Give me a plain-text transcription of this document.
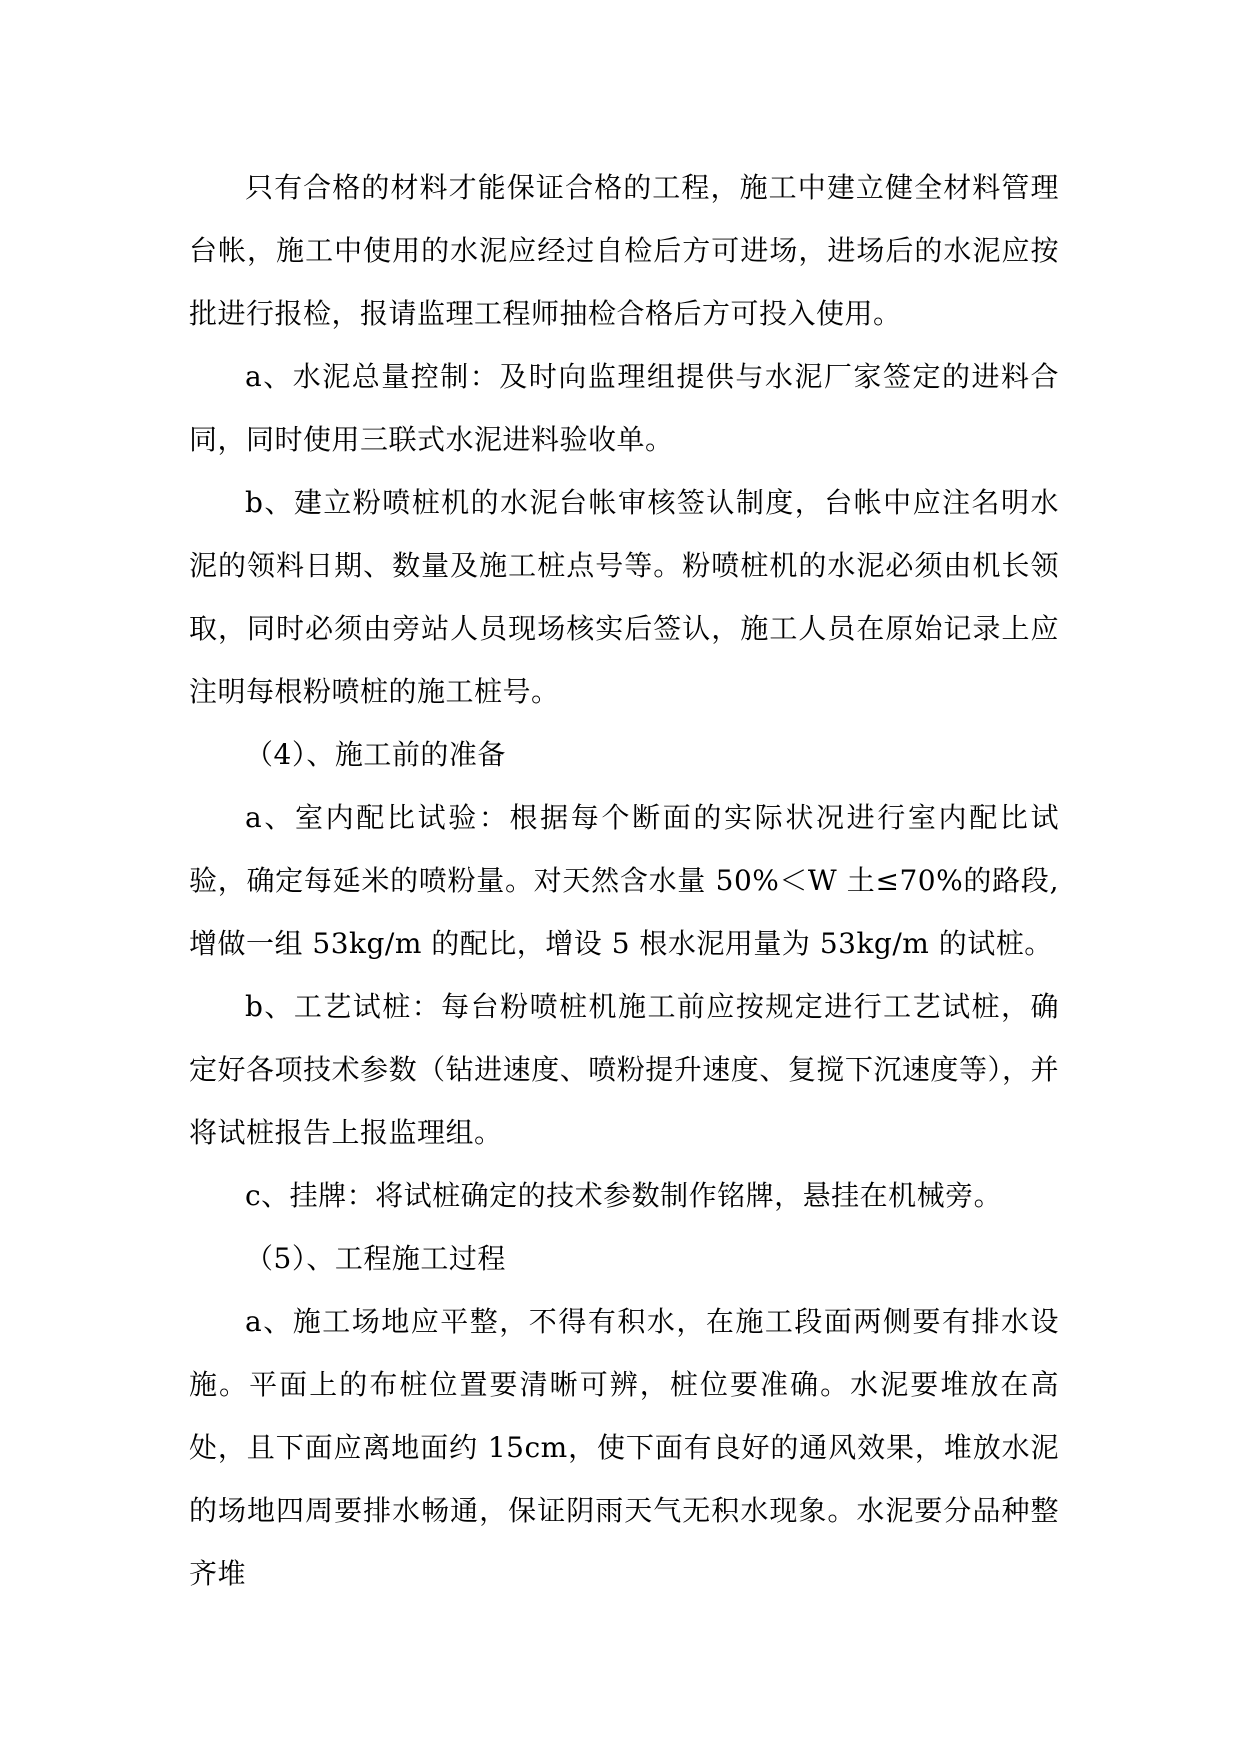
只有合格的材料才能保证合格的工程，施工中建立健全材料管理台帐，施工中使用的水泥应经过自检后方可进场，进场后的水泥应按批进行报检，报请监理工程师抽检合格后方可投入使用。

a、水泥总量控制：及时向监理组提供与水泥厂家签定的进料合同，同时使用三联式水泥进料验收单。

b、建立粉喷桩机的水泥台帐审核签认制度，台帐中应注名明水泥的领料日期、数量及施工桩点号等。粉喷桩机的水泥必须由机长领取，同时必须由旁站人员现场核实后签认，施工人员在原始记录上应注明每根粉喷桩的施工桩号。

（4）、施工前的准备

a、室内配比试验：根据每个断面的实际状况进行室内配比试验，确定每延米的喷粉量。对天然含水量 50%＜W 土≤70%的路段,增做一组 53kg/m 的配比，增设 5 根水泥用量为 53kg/m 的试桩。

b、工艺试桩：每台粉喷桩机施工前应按规定进行工艺试桩，确定好各项技术参数（钻进速度、喷粉提升速度、复搅下沉速度等），并将试桩报告上报监理组。

c、挂牌：将试桩确定的技术参数制作铭牌，悬挂在机械旁。

（5）、工程施工过程

a、施工场地应平整，不得有积水，在施工段面两侧要有排水设施。平面上的布桩位置要清晰可辨，桩位要准确。水泥要堆放在高处，且下面应离地面约 15cm，使下面有良好的通风效果，堆放水泥的场地四周要排水畅通，保证阴雨天气无积水现象。水泥要分品种整齐堆
